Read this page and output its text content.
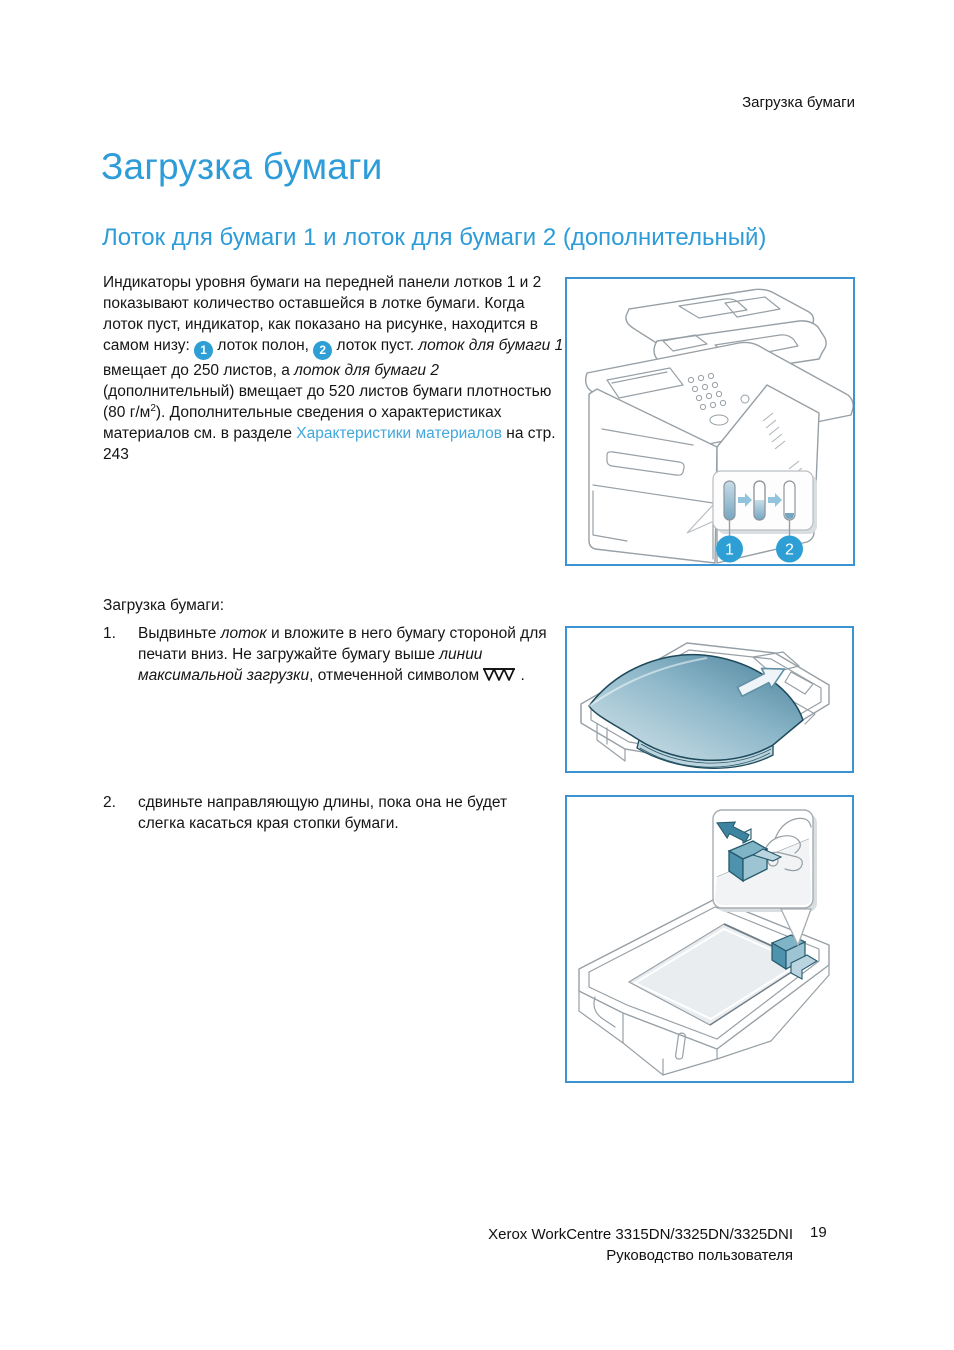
Загрузка бумаги
Загрузка бумаги
Лоток для бумаги 1 и лоток для бумаги 2 (дополнительный)

Индикаторы уровня бумаги на передней панели лотков 1 и 2 показывают количество оставшейся в лотке бумаги. Когда лоток пуст, индикатор, как показано на рисунке, находится в самом низу: 1 лоток полон, 2 лоток пуст. лоток для бумаги 1 вмещает до 250 листов, а лоток для бумаги 2 (дополнительный) вмещает до 520 листов бумаги плотностью (80 $г/м^2$). Дополнительные сведения о характеристиках материалов см. в разделе Характеристики материалов на стр. 243

1	2
Загрузка бумаги:
1. Выдвиньте лоток и вложите в него бумагу стороной для печати вниз. Не загружайте бумагу выше линии максимальной загрузки, отмеченной символом .
2. сдвиньте направляющую длины, пока она не будет слегка касаться края стопки бумаги.
Xerox WorkCentre 3315DN/3325DN/3325DNI
Руководство пользователя
19
